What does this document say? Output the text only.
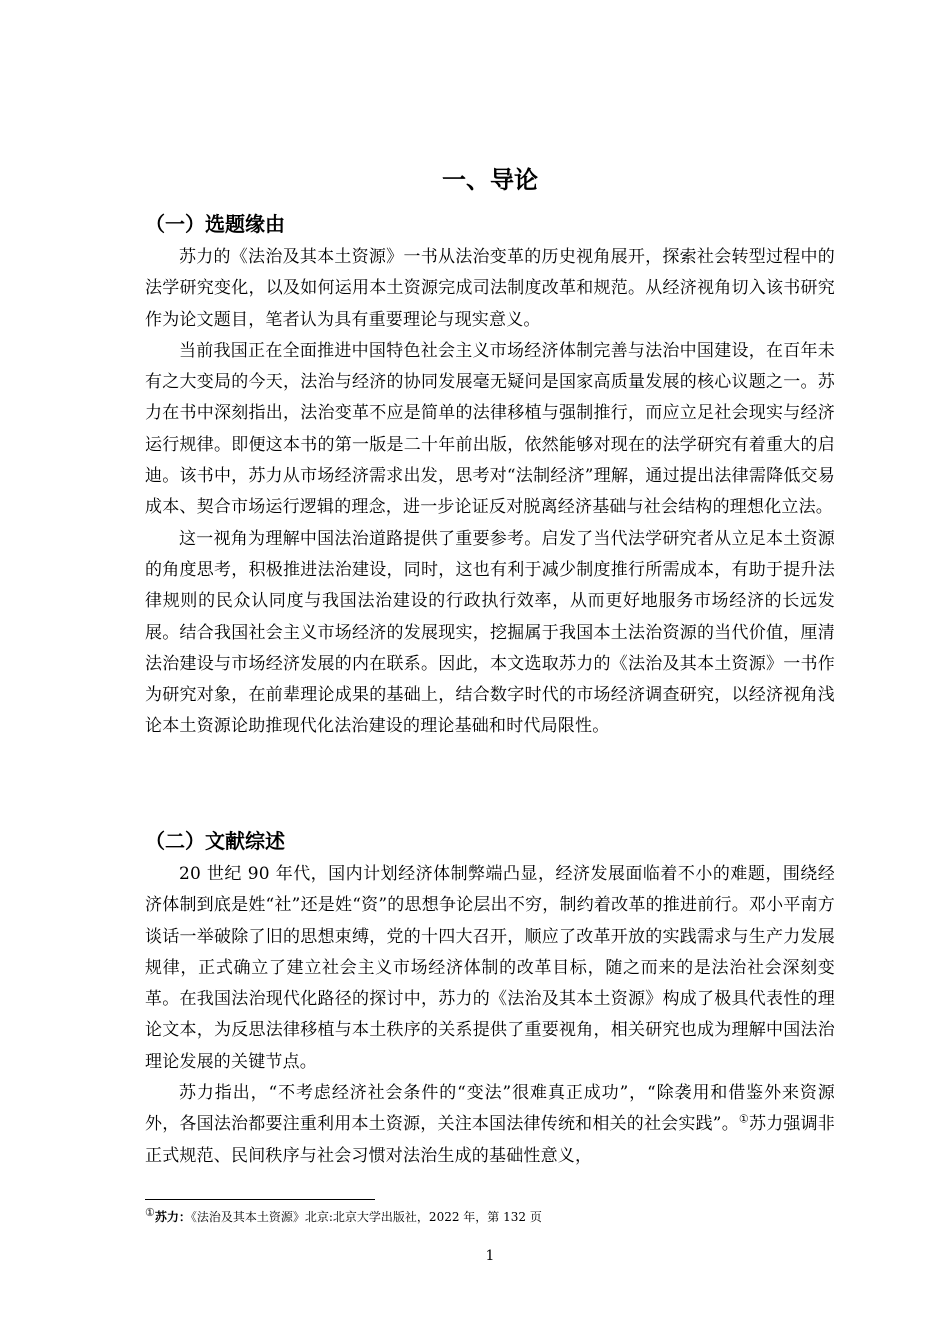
一、导论
（一）选题缘由

苏力的《法治及其本土资源》一书从法治变革的历史视角展开，探索社会转型过程中的法学研究变化，以及如何运用本土资源完成司法制度改革和规范。从经济视角切入该书研究作为论文题目，笔者认为具有重要理论与现实意义。

当前我国正在全面推进中国特色社会主义市场经济体制完善与法治中国建设，在百年未有之大变局的今天，法治与经济的协同发展毫无疑问是国家高质量发展的核心议题之一。苏力在书中深刻指出，法治变革不应是简单的法律移植与强制推行，而应立足社会现实与经济运行规律。即便这本书的第一版是二十年前出版，依然能够对现在的法学研究有着重大的启迪。该书中，苏力从市场经济需求出发，思考对“法制经济”理解，通过提出法律需降低交易成本、契合市场运行逻辑的理念，进一步论证反对脱离经济基础与社会结构的理想化立法。

这一视角为理解中国法治道路提供了重要参考。启发了当代法学研究者从立足本土资源的角度思考，积极推进法治建设，同时，这也有利于减少制度推行所需成本，有助于提升法律规则的民众认同度与我国法治建设的行政执行效率，从而更好地服务市场经济的长远发展。结合我国社会主义市场经济的发展现实，挖掘属于我国本土法治资源的当代价值，厘清法治建设与市场经济发展的内在联系。因此，本文选取苏力的《法治及其本土资源》一书作为研究对象，在前辈理论成果的基础上，结合数字时代的市场经济调查研究，以经济视角浅论本土资源论助推现代化法治建设的理论基础和时代局限性。

（二）文献综述

20 世纪 90 年代，国内计划经济体制弊端凸显，经济发展面临着不小的难题，围绕经济体制到底是姓“社”还是姓“资”的思想争论层出不穷，制约着改革的推进前行。邓小平南方谈话一举破除了旧的思想束缚，党的十四大召开，顺应了改革开放的实践需求与生产力发展规律，正式确立了建立社会主义市场经济体制的改革目标，随之而来的是法治社会深刻变革。在我国法治现代化路径的探讨中，苏力的《法治及其本土资源》构成了极具代表性的理论文本，为反思法律移植与本土秩序的关系提供了重要视角，相关研究也成为理解中国法治理论发展的关键节点。

苏力指出，“不考虑经济社会条件的“变法”很难真正成功”，“除袭用和借鉴外来资源外，各国法治都要注重利用本土资源，关注本国法律传统和相关的社会实践”。①苏力强调非正式规范、民间秩序与社会习惯对法治生成的基础性意义，

①苏力：《法治及其本土资源》北京:北京大学出版社，2022 年，第 132 页

1
